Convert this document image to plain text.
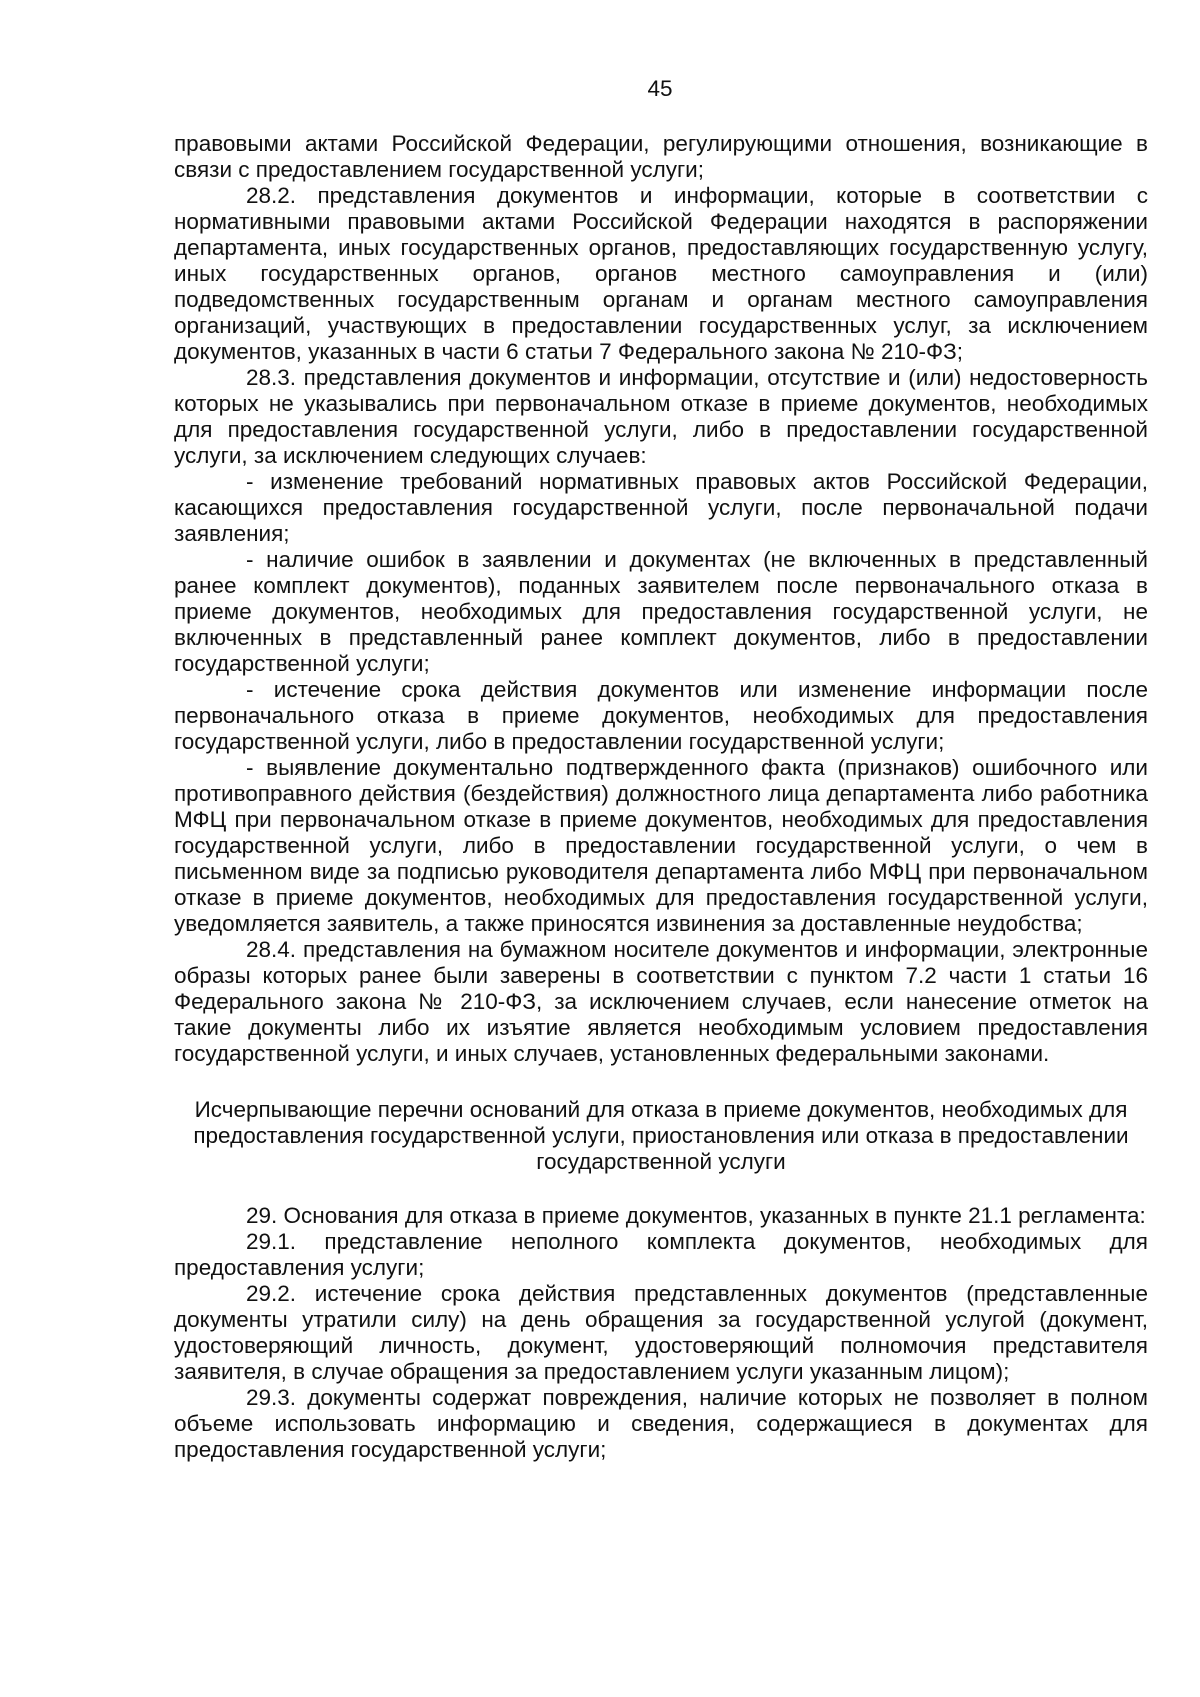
45

правовыми актами Российской Федерации, регулирующими отношения, возникающие в связи с предоставлением государственной услуги;

28.2. представления документов и информации, которые в соответствии с нормативными правовыми актами Российской Федерации находятся в распоряжении департамента, иных государственных органов, предоставляющих государственную услугу, иных государственных органов, органов местного самоуправления и (или) подведомственных государственным органам и органам местного самоуправления организаций, участвующих в предоставлении государственных услуг, за исключением документов, указанных в части 6 статьи 7 Федерального закона № 210-ФЗ;

28.3. представления документов и информации, отсутствие и (или) недостоверность которых не указывались при первоначальном отказе в приеме документов, необходимых для предоставления государственной услуги, либо в предоставлении государственной услуги, за исключением следующих случаев:

- изменение требований нормативных правовых актов Российской Федерации, касающихся предоставления государственной услуги, после первоначальной подачи заявления;

- наличие ошибок в заявлении и документах (не включенных в представленный ранее комплект документов), поданных заявителем после первоначального отказа в приеме документов, необходимых для предоставления государственной услуги, не включенных в представленный ранее комплект документов, либо в предоставлении государственной услуги;

- истечение срока действия документов или изменение информации после первоначального отказа в приеме документов, необходимых для предоставления государственной услуги, либо в предоставлении государственной услуги;

- выявление документально подтвержденного факта (признаков) ошибочного или противоправного действия (бездействия) должностного лица департамента либо работника МФЦ при первоначальном отказе в приеме документов, необходимых для предоставления государственной услуги, либо в предоставлении государственной услуги, о чем в письменном виде за подписью руководителя департамента либо МФЦ при первоначальном отказе в приеме документов, необходимых для предоставления государственной услуги, уведомляется заявитель, а также приносятся извинения за доставленные неудобства;

28.4. представления на бумажном носителе документов и информации, электронные образы которых ранее были заверены в соответствии с пунктом 7.2 части 1 статьи 16 Федерального закона № 210-ФЗ, за исключением случаев, если нанесение отметок на такие документы либо их изъятие является необходимым условием предоставления государственной услуги, и иных случаев, установленных федеральными законами.

Исчерпывающие перечни оснований для отказа в приеме документов, необходимых для предоставления государственной услуги, приостановления или отказа в предоставлении государственной услуги

29. Основания для отказа в приеме документов, указанных в пункте 21.1 регламента:

29.1. представление неполного комплекта документов, необходимых для предоставления услуги;

29.2. истечение срока действия представленных документов (представленные документы утратили силу) на день обращения за государственной услугой (документ, удостоверяющий личность, документ, удостоверяющий полномочия представителя заявителя, в случае обращения за предоставлением услуги указанным лицом);

29.3. документы содержат повреждения, наличие которых не позволяет в полном объеме использовать информацию и сведения, содержащиеся в документах для предоставления государственной услуги;
